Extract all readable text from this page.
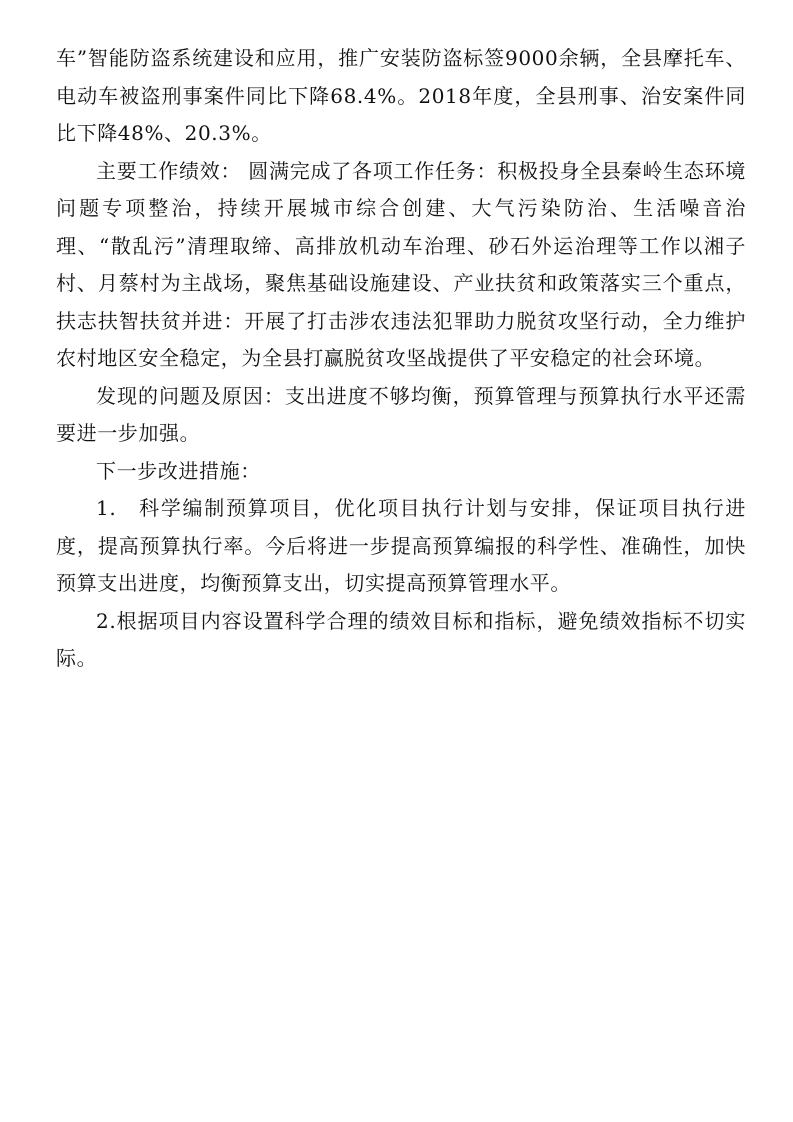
车”智能防盗系统建设和应用，推广安装防盗标签9000余辆，全县摩托车、电动车被盗刑事案件同比下降68.4%。2018年度，全县刑事、治安案件同比下降48%、20.3%。

主要工作绩效： 圆满完成了各项工作任务：积极投身全县秦岭生态环境问题专项整治，持续开展城市综合创建、大气污染防治、生活噪音治理、“散乱污”清理取缔、高排放机动车治理、砂石外运治理等工作以湘子村、月蔡村为主战场，聚焦基础设施建设、产业扶贫和政策落实三个重点，扶志扶智扶贫并进：开展了打击涉农违法犯罪助力脱贫攻坚行动，全力维护农村地区安全稳定，为全县打赢脱贫攻坚战提供了平安稳定的社会环境。

发现的问题及原因：支出进度不够均衡，预算管理与预算执行水平还需要进一步加强。

下一步改进措施：

1.　科学编制预算项目，优化项目执行计划与安排，保证项目执行进度，提高预算执行率。今后将进一步提高预算编报的科学性、准确性，加快预算支出进度，均衡预算支出，切实提高预算管理水平。

2.根据项目内容设置科学合理的绩效目标和指标，避免绩效指标不切实际。
